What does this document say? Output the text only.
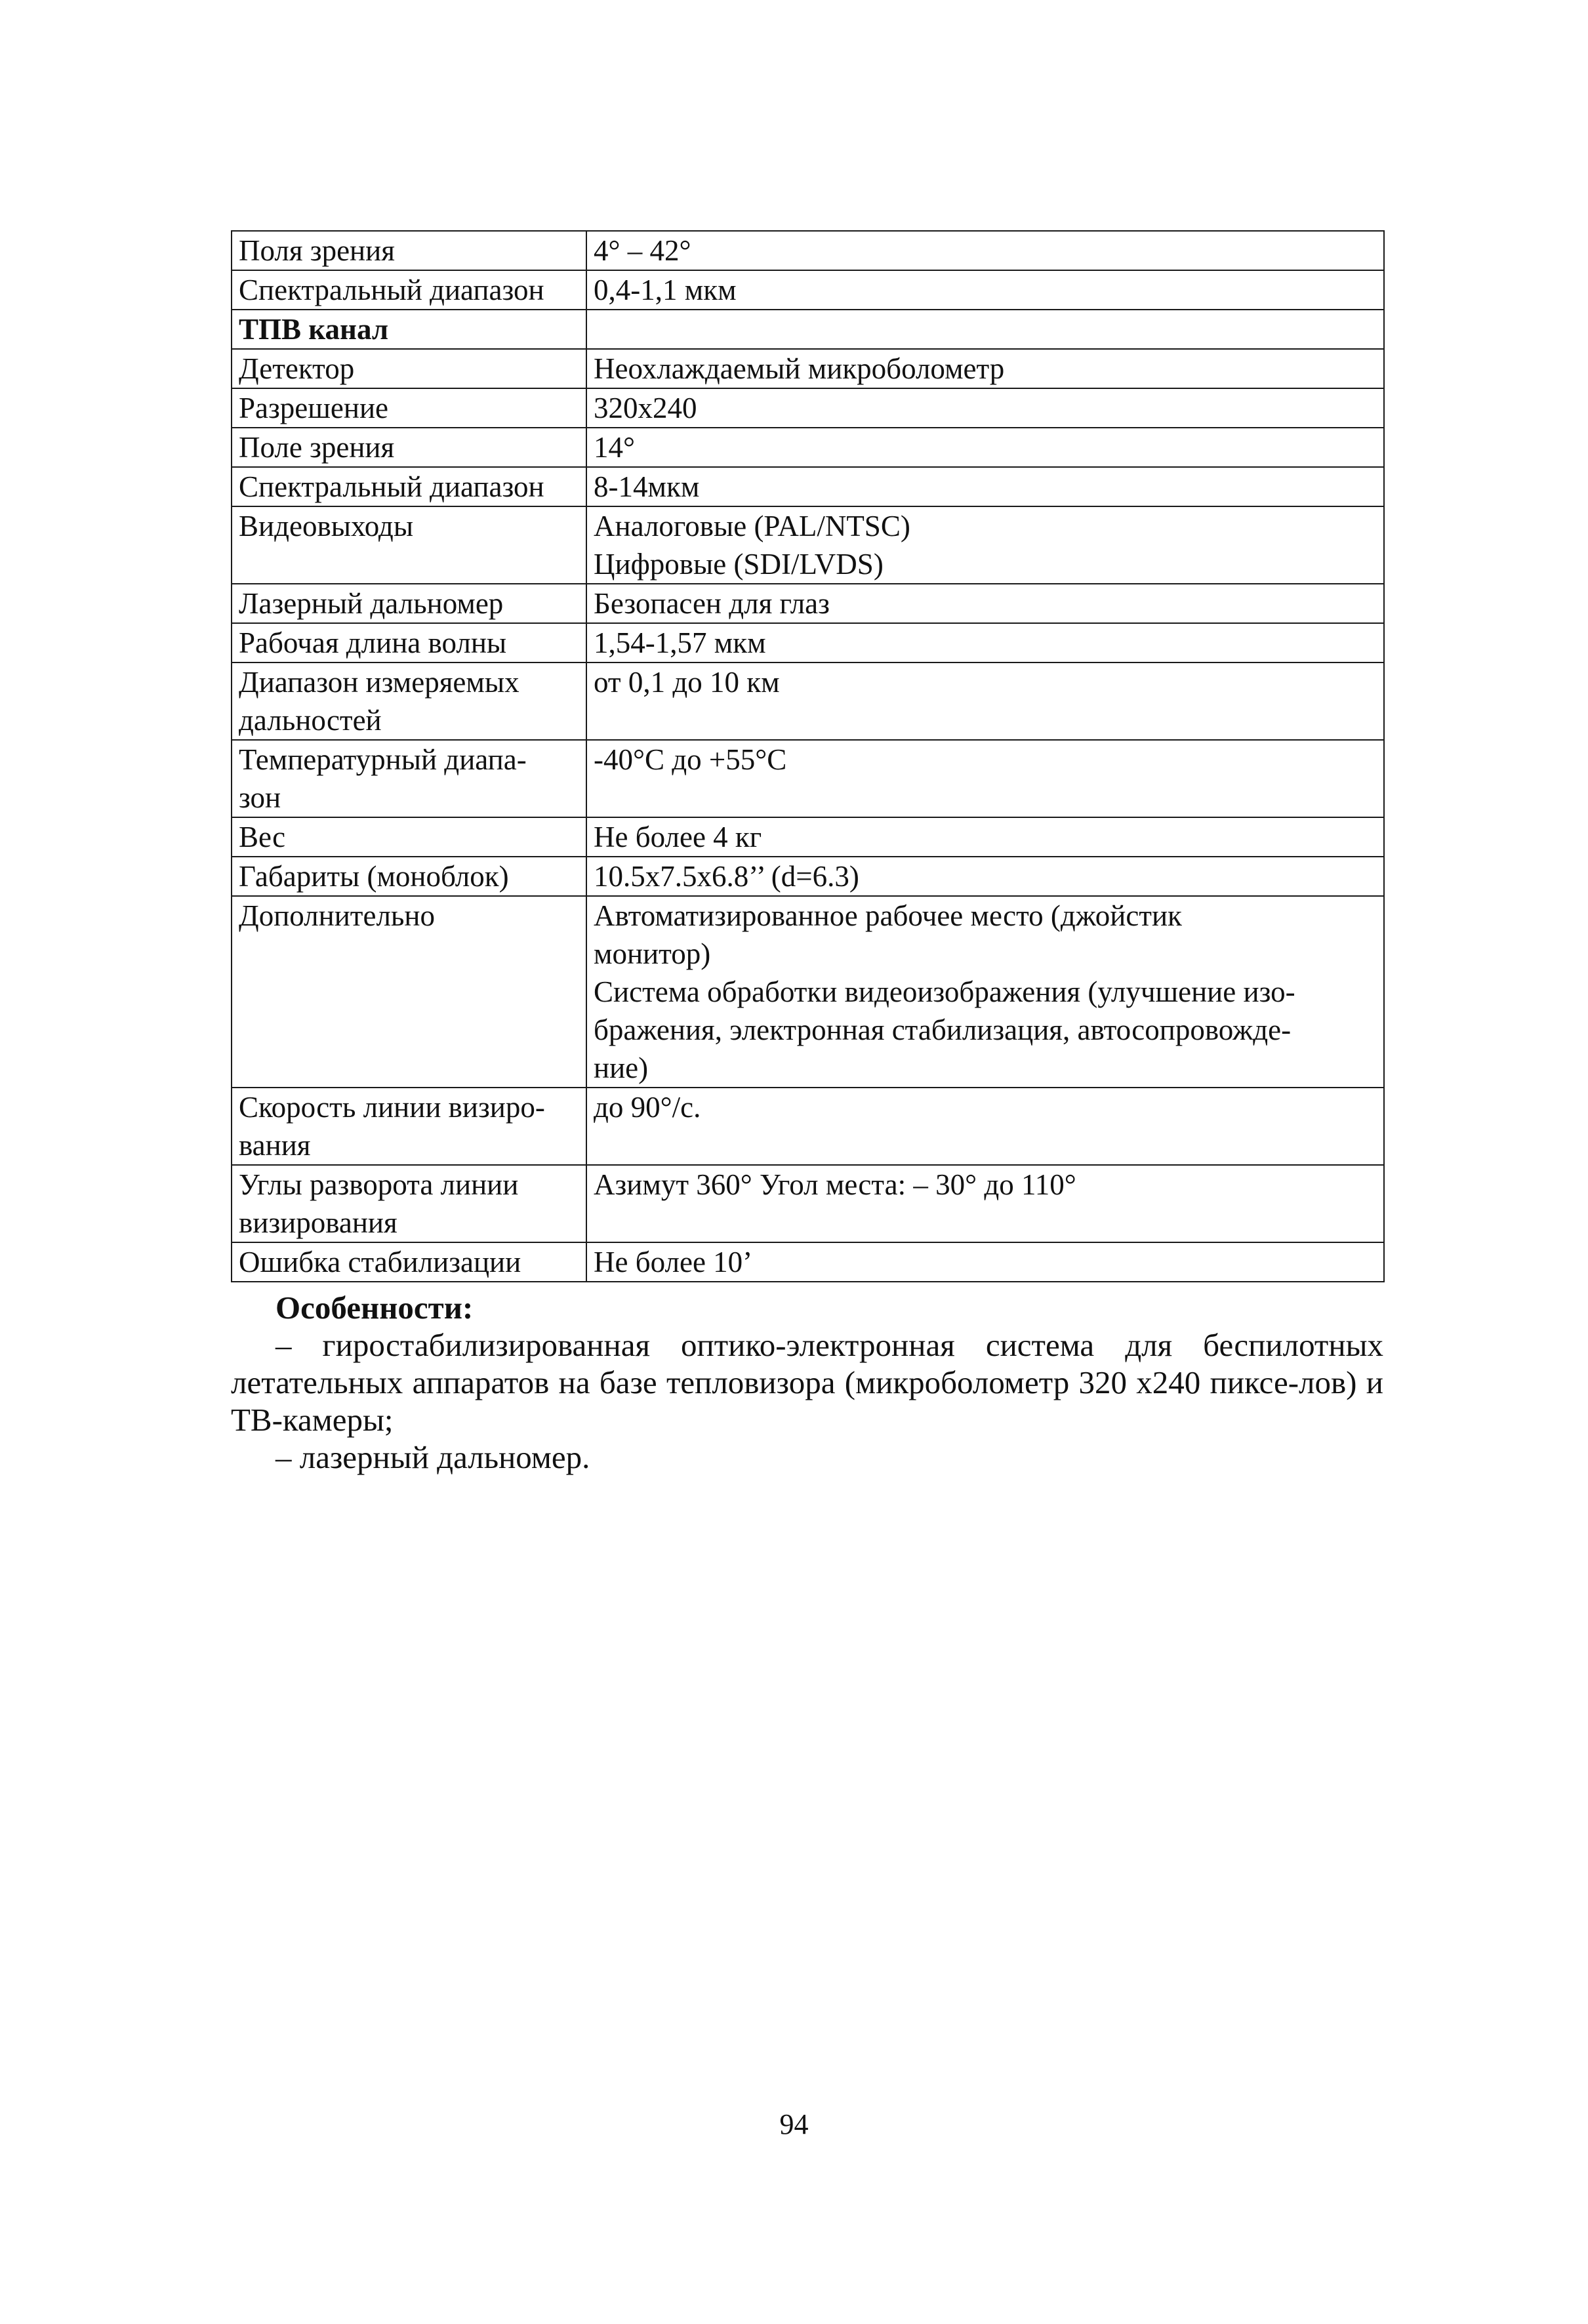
Поля зрения	4° – 42°
Спектральный диапазон	0,4-1,1 мкм
ТПВ канал	
Детектор	Неохлаждаемый микроболометр
Разрешение	320x240
Поле зрения	14°
Спектральный диапазон	8-14мкм
Видеовыходы	Аналоговые (PAL/NTSC)
Цифровые (SDI/LVDS)
Лазерный дальномер	Безопасен для глаз
Рабочая длина волны	1,54-1,57 мкм
Диапазон измеряемых
дальностей	от 0,1 до 10 км
Температурный диапа-
зон	-40°С до +55°С
Вес	Не более 4 кг
Габариты (моноблок)	10.5x7.5x6.8’’ (d=6.3)
Дополнительно	Автоматизированное рабочее место (джойстик
монитор)
Система обработки видеоизображения (улучшение изо-
бражения, электронная стабилизация, автосопровожде-
ние)
Скорость линии визиро-
вания	до 90°/с.
Углы разворота линии
визирования	Азимут 360° Угол места: – 30° до 110°
Ошибка стабилизации	Не более 10’

Особенности:

– гиростабилизированная оптико-электронная система для беспилотных летательных аппаратов на базе тепловизора (микроболометр 320 x240 пиксе-лов) и ТВ-камеры;

– лазерный дальномер.

94
